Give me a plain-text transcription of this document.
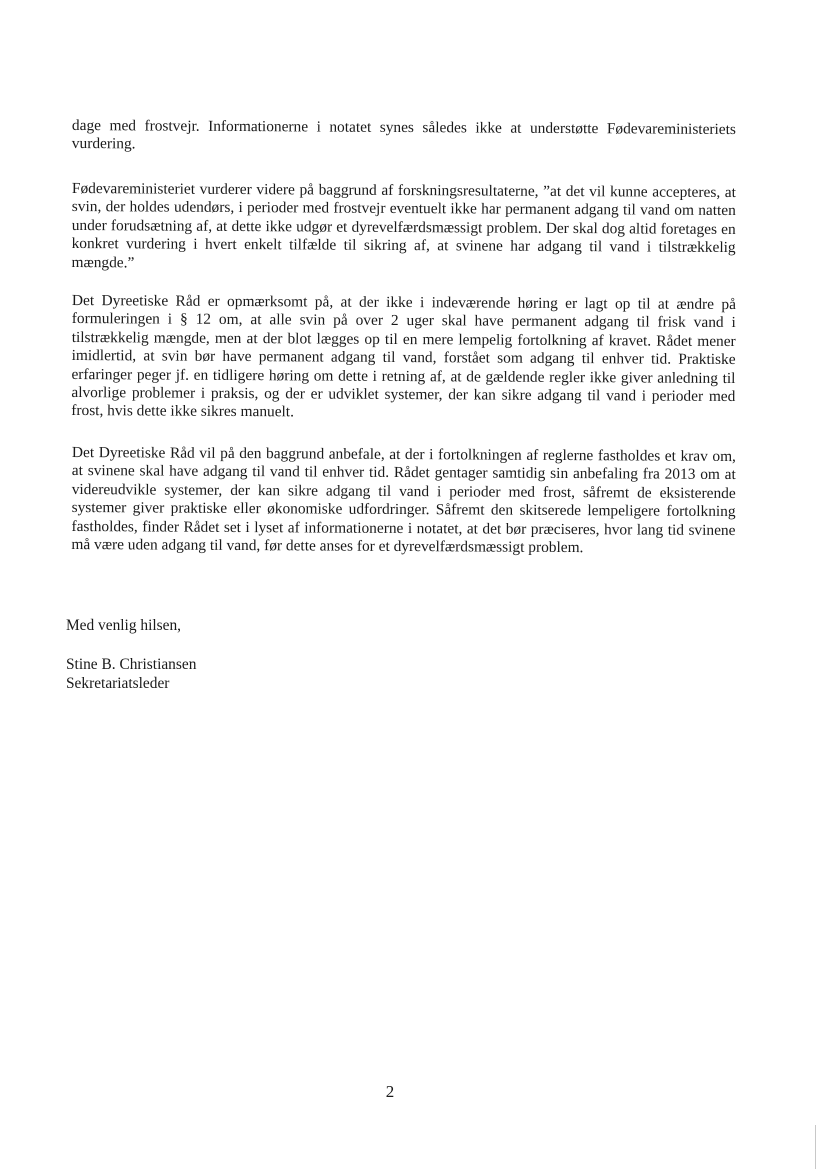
dage med frostvejr. Informationerne i notatet synes således ikke at understøtte Fødevareministeriets vurdering.

Fødevareministeriet vurderer videre på baggrund af forskningsresultaterne, ”at det vil kunne accepteres, at svin, der holdes udendørs, i perioder med frostvejr eventuelt ikke har permanent adgang til vand om natten under forudsætning af, at dette ikke udgør et dyrevelfærdsmæssigt problem. Der skal dog altid foretages en konkret vurdering i hvert enkelt tilfælde til sikring af, at svinene har adgang til vand i tilstrækkelig mængde.”

Det Dyreetiske Råd er opmærksomt på, at der ikke i indeværende høring er lagt op til at ændre på formuleringen i § 12 om, at alle svin på over 2 uger skal have permanent adgang til frisk vand i tilstrækkelig mængde, men at der blot lægges op til en mere lempelig fortolkning af kravet. Rådet mener imidlertid, at svin bør have permanent adgang til vand, forstået som adgang til enhver tid. Praktiske erfaringer peger jf. en tidligere høring om dette i retning af, at de gældende regler ikke giver anledning til alvorlige problemer i praksis, og der er udviklet systemer, der kan sikre adgang til vand i perioder med frost, hvis dette ikke sikres manuelt.

Det Dyreetiske Råd vil på den baggrund anbefale, at der i fortolkningen af reglerne fastholdes et krav om, at svinene skal have adgang til vand til enhver tid. Rådet gentager samtidig sin anbefaling fra 2013 om at videreudvikle systemer, der kan sikre adgang til vand i perioder med frost, såfremt de eksisterende systemer giver praktiske eller økonomiske udfordringer. Såfremt den skitserede lempeligere fortolkning fastholdes, finder Rådet set i lyset af informationerne i notatet, at det bør præciseres, hvor lang tid svinene må være uden adgang til vand, før dette anses for et dyrevelfærdsmæssigt problem.

Med venlig hilsen,

Stine B. Christiansen

Sekretariatsleder

2
